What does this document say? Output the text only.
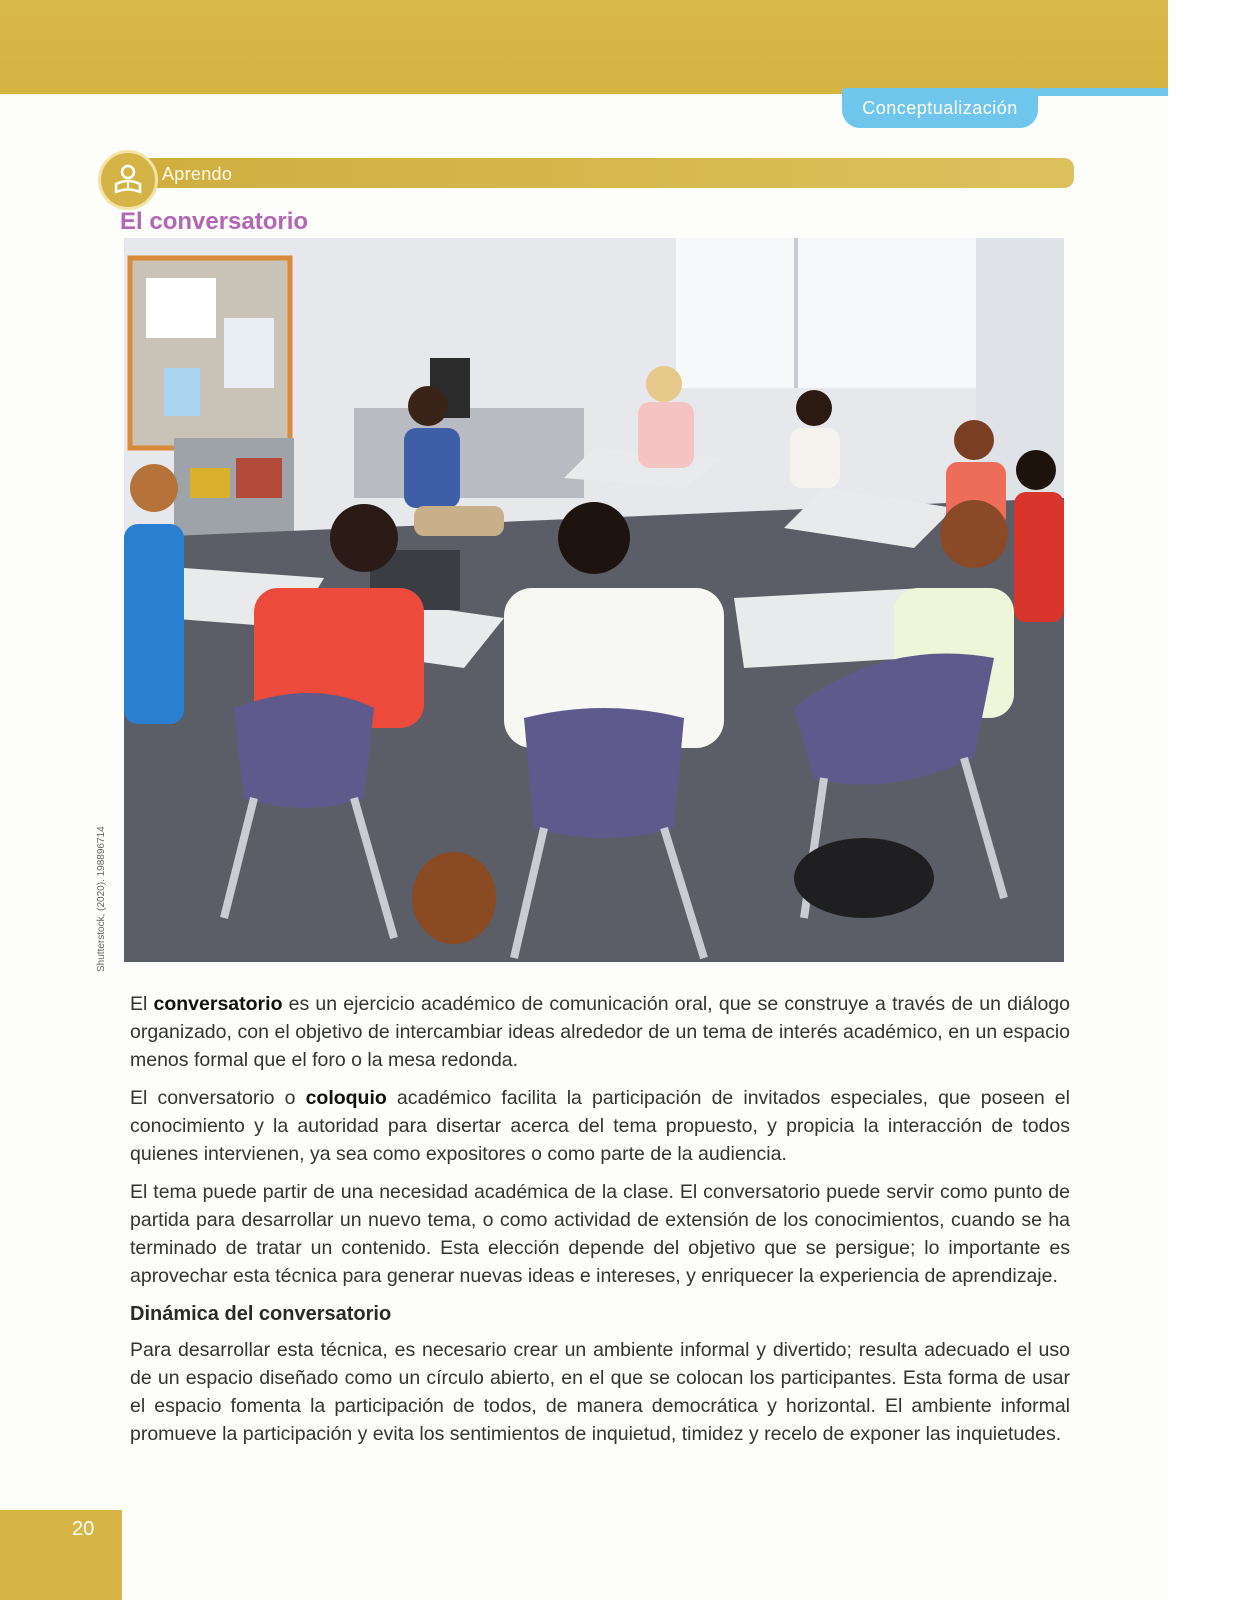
Conceptualización
Aprendo
El conversatorio
Shutterstock, (2020). 198896714

El conversatorio es un ejercicio académico de comunicación oral, que se construye a través de un diálogo organizado, con el objetivo de intercambiar ideas alrededor de un tema de interés académico, en un espacio menos formal que el foro o la mesa redonda.

El conversatorio o coloquio académico facilita la participación de invitados especiales, que poseen el conocimiento y la autoridad para disertar acerca del tema propuesto, y propicia la interacción de todos quienes intervienen, ya sea como expositores o como parte de la audiencia.

El tema puede partir de una necesidad académica de la clase. El conversatorio puede servir como punto de partida para desarrollar un nuevo tema, o como actividad de extensión de los conocimientos, cuando se ha terminado de tratar un contenido. Esta elección depende del objetivo que se persigue; lo importante es aprovechar esta técnica para generar nuevas ideas e intereses, y enriquecer la experiencia de aprendizaje.

Dinámica del conversatorio

Para desarrollar esta técnica, es necesario crear un ambiente informal y divertido; resulta adecuado el uso de un espacio diseñado como un círculo abierto, en el que se colocan los participantes. Esta forma de usar el espacio fomenta la participación de todos, de manera democrática y horizontal. El ambiente informal promueve la participación y evita los sentimientos de inquietud, timidez y recelo de exponer las inquietudes.

20
